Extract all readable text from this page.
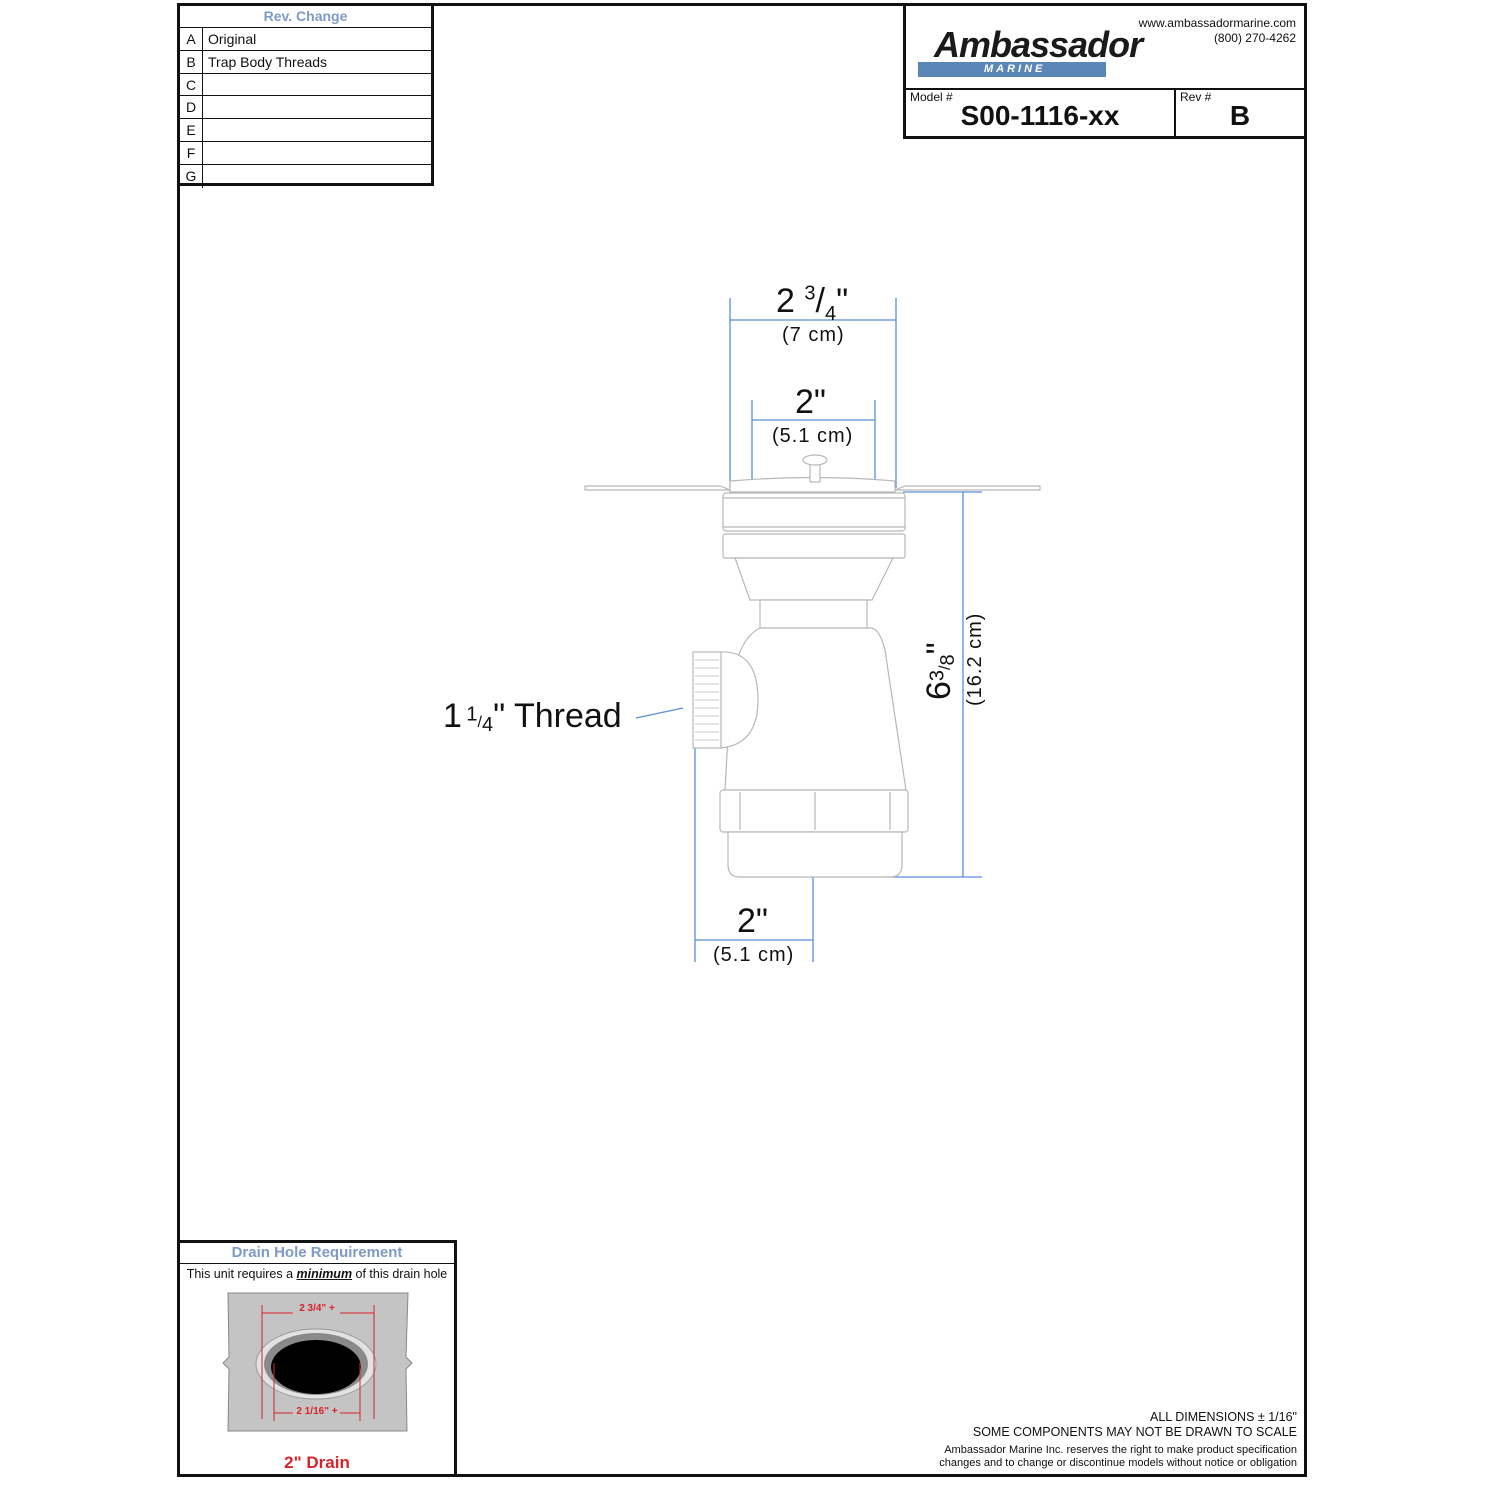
Rev. Change
A Original
B Trap Body Threads
C
D
E
F
G
Ambassador
MARINE
www.ambassadormarine.com
(800) 270-4262
Model #
S00-1116-xx
Rev #
B
2 $^3/_4$"
(7 cm)
2"
(5.1 cm)
$6^3/_8$" (16.2 cm)
1 $^1/_4$" Thread
2"
(5.1 cm)
Drain Hole Requirement
This unit requires a minimum of this drain hole
2 3/4" +
2 1/16" +
2" Drain
ALL DIMENSIONS ± 1/16"
SOME COMPONENTS MAY NOT BE DRAWN TO SCALE
Ambassador Marine Inc. reserves the right to make product specification
changes and to change or discontinue models without notice or obligation
